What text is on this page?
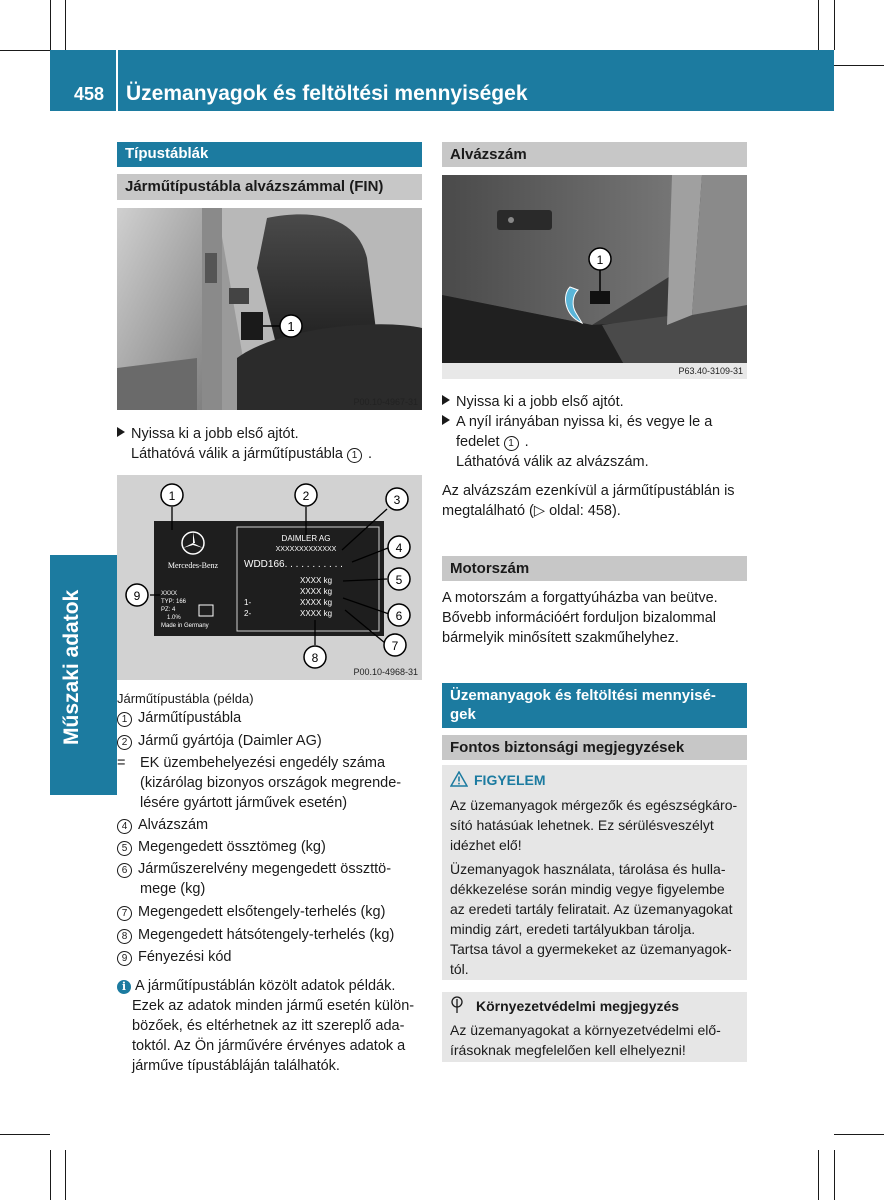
458 Üzemanyagok és feltöltési mennyiségek
Műszaki adatok
Típustáblák
Járműtípustábla alvázszámmal (FIN)
1
P00.10-4967-31
Nyissa ki a jobb első ajtót.
Láthatóvá válik a járműtípustábla 1 .
Mercedes-Benz
DAIMLER AG
XXXXXXXXXXXXX
WDD166. . . . . . . . . . .
XXXX kg
XXXX kg
XXXX kg
XXXX kg
1-
2-
XXXX
TYP: 166
PZ: 4
1.0%
Made in Germany
1	2	3
4
5
6
7
8
9
P00.10-4968-31
Járműtípustábla (példa)
1 Járműtípustábla
2 Jármű gyártója (Daimler AG)
= EK üzembehelyezési engedély száma
(kizárólag bizonyos országok megrende-
lésére gyártott járművek esetén)
4 Alvázszám
5 Megengedett össztömeg (kg)
6 Járműszerelvény megengedett összttö-
mege (kg)
7 Megengedett elsőtengely-terhelés (kg)
8 Megengedett hátsótengely-terhelés (kg)
9 Fényezési kód
i A járműtípustáblán közölt adatok példák.
Ezek az adatok minden jármű esetén külön-
bözőek, és eltérhetnek az itt szereplő ada-
toktól. Az Ön járművére érvényes adatok a
járműve típustábláján találhatók.
Alvázszám
1
P63.40-3109-31
Nyissa ki a jobb első ajtót.
A nyíl irányában nyissa ki, és vegye le a
fedelet 1 .
Láthatóvá válik az alvázszám.
Az alvázszám ezenkívül a járműtípustáblán is
megtalálható (▷ oldal: 458).
Motorszám
A motorszám a forgattyúházba van beütve.
Bővebb információért forduljon bizalommal
bármelyik minősített szakműhelyhez.
Üzemanyagok és feltöltési mennyisé-
gek
Fontos biztonsági megjegyzések
FIGYELEM
Az üzemanyagok mérgezők és egészségkáro-
sító hatásúak lehetnek. Ez sérülésveszélyt
idézhet elő!
Üzemanyagok használata, tárolása és hulla-
dékkezelése során mindig vegye figyelembe
az eredeti tartály feliratait. Az üzemanyagokat
mindig zárt, eredeti tartályukban tárolja.
Tartsa távol a gyermekeket az üzemanyagok-
tól.
Környezetvédelmi megjegyzés
Az üzemanyagokat a környezetvédelmi elő-
írásoknak megfelelően kell elhelyezni!
